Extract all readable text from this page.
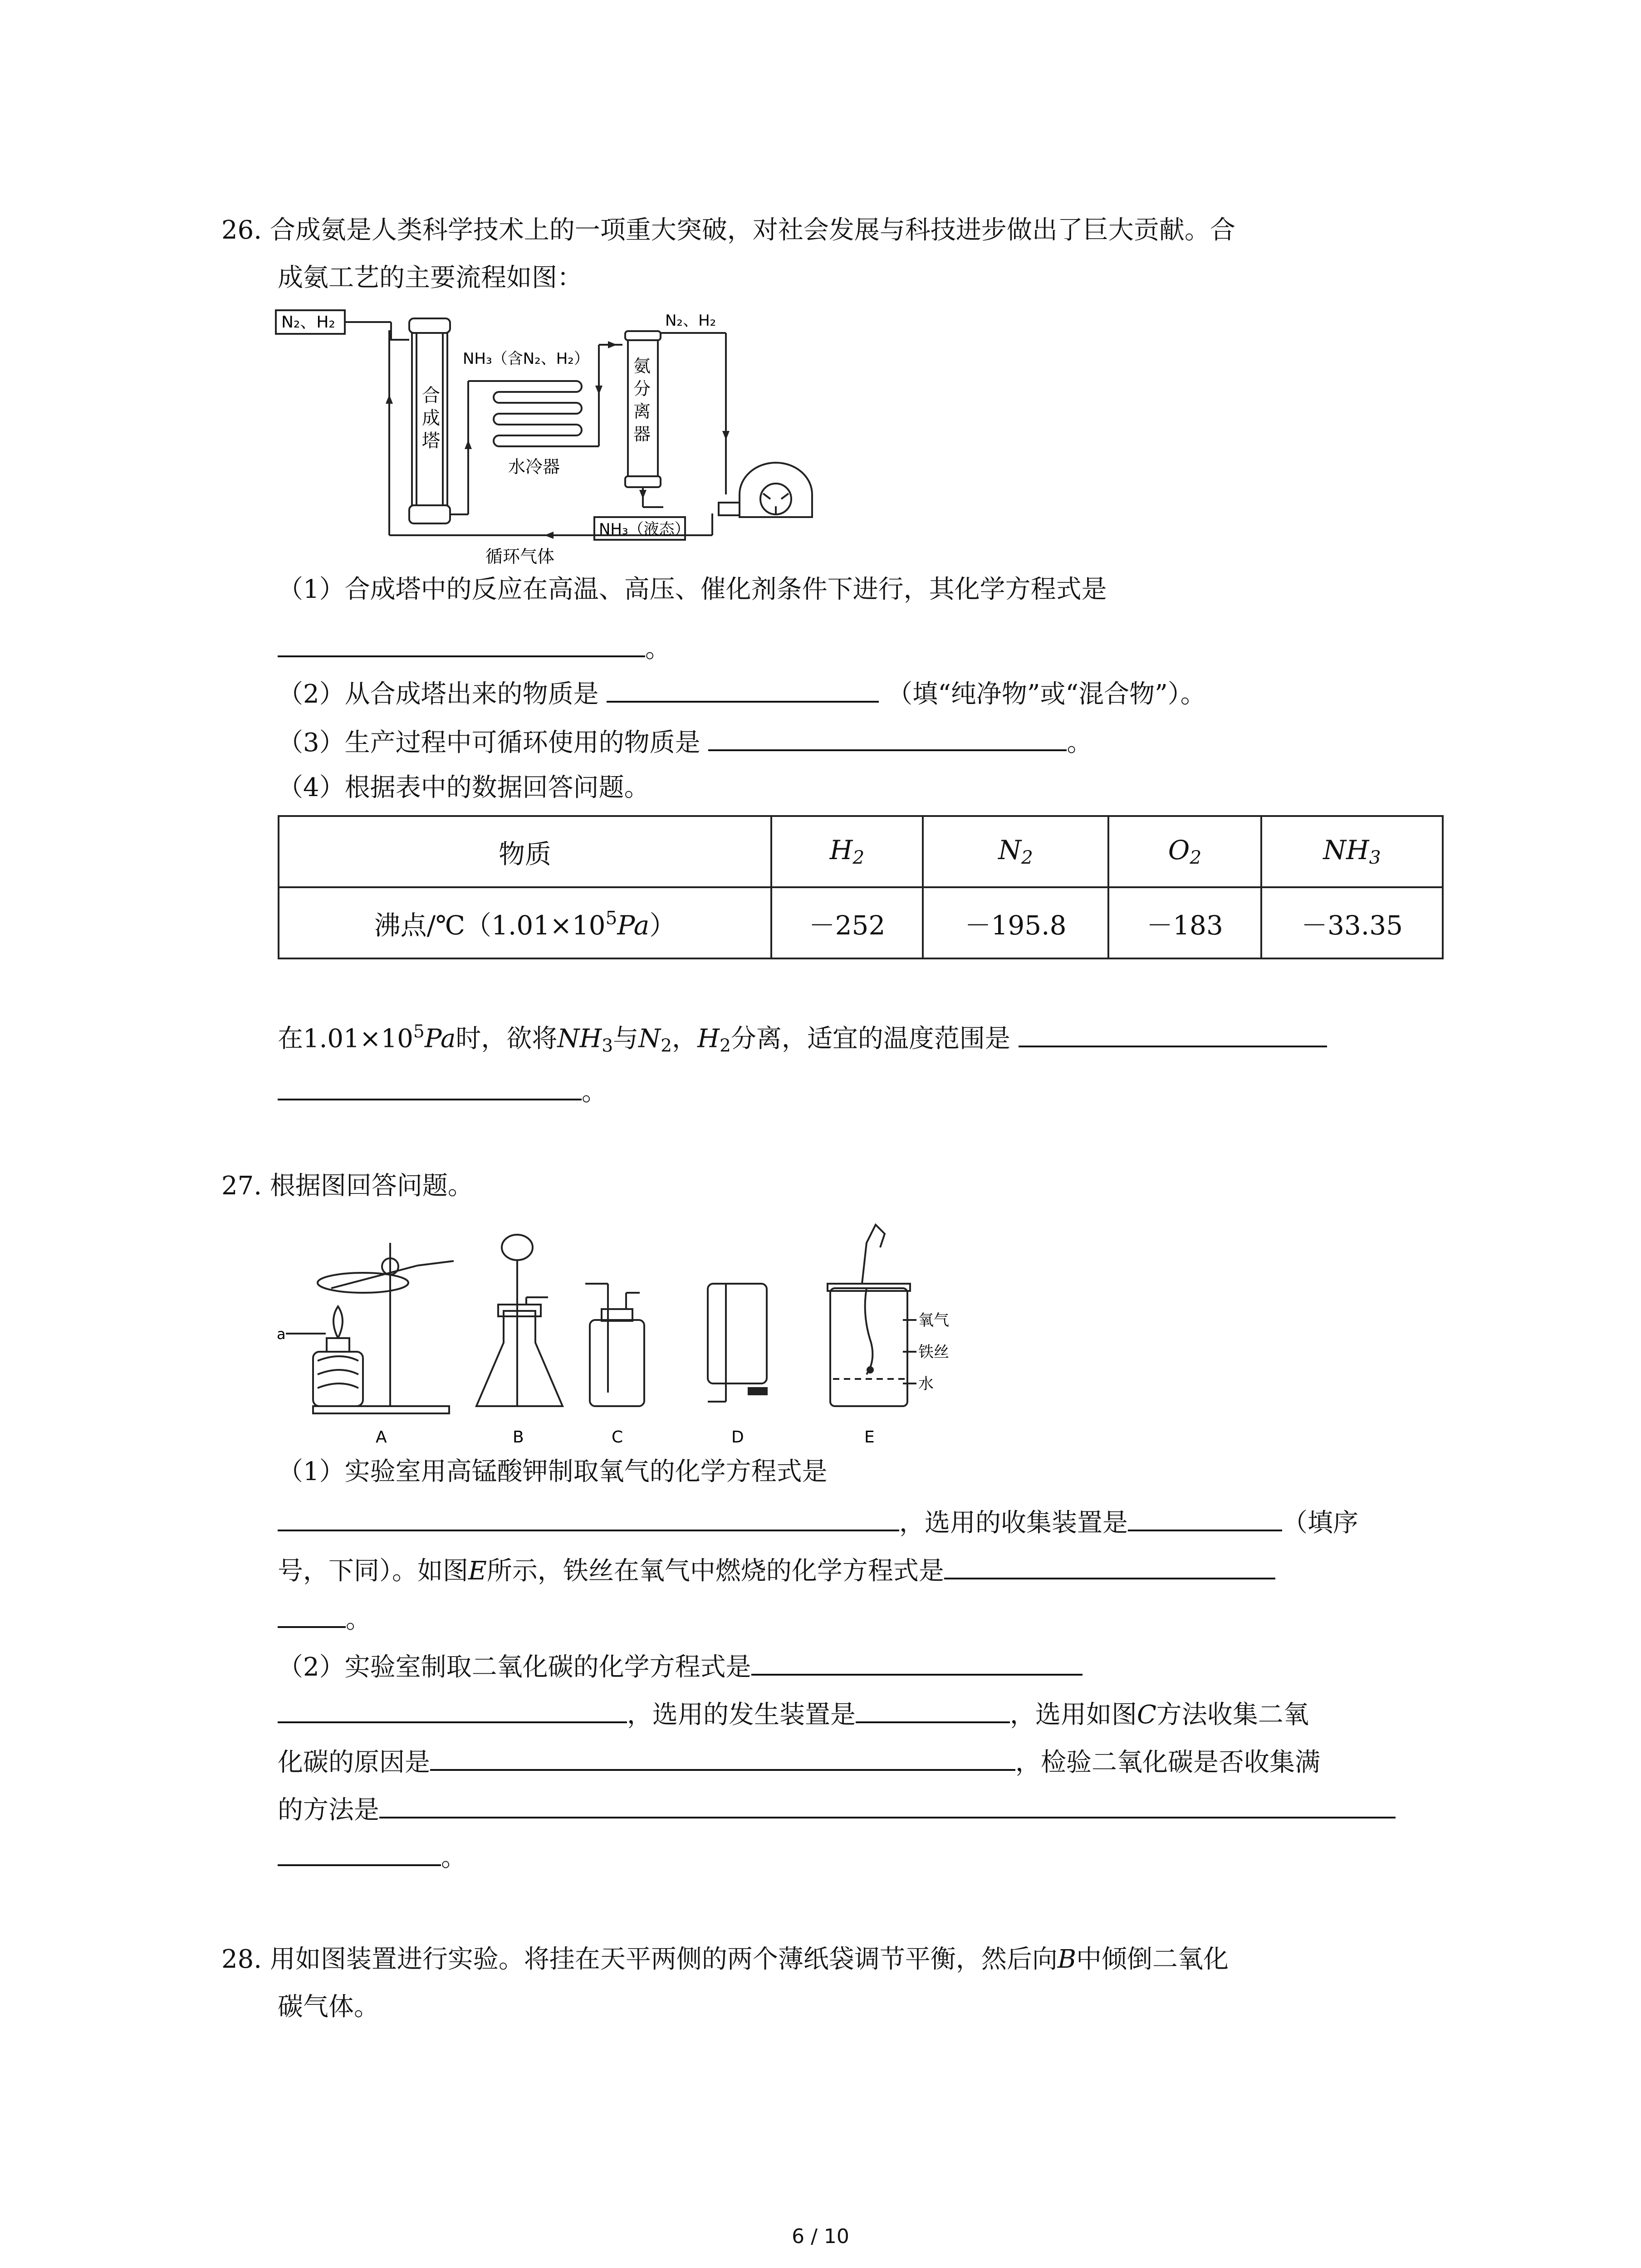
26. 合成氨是人类科学技术上的一项重大突破，对社会发展与科技进步做出了巨大贡献。合
成氨工艺的主要流程如图：
N₂、H₂
合
成
塔
NH₃（含N₂、H₂）	氨
分
离
器
N₂、H₂
水冷器
NH₃（液态）
循环气体
（1）合成塔中的反应在高温、高压、催化剂条件下进行，其化学方程式是
。
（2）从合成塔出来的物质是	（填“纯净物”或“混合物”）。
（3）生产过程中可循环使用的物质是	。
（4）根据表中的数据回答问题。
物质	$H_2$	$N_2$	$O_2$	$NH_3$
沸点$/℃(1.01\times 10^5Pa)$	－252	－195.8	－183	－33.35
在$1.01\times 10^5Pa$时，欲将$NH_3$与$N_2$，$H_2$分离，适宜的温度范围是
。
27. 根据图回答问题。
a
A	B	C	D	E
氧气
铁丝
水
（1）实验室用高锰酸钾制取氧气的化学方程式是
，选用的收集装置是	（填序
号，下同）。如图E所示，铁丝在氧气中燃烧的化学方程式是
。
（2）实验室制取二氧化碳的化学方程式是
，选用的发生装置是	，选用如图C方法收集二氧
化碳的原因是	，检验二氧化碳是否收集满
的方法是
。
28. 用如图装置进行实验。将挂在天平两侧的两个薄纸袋调节平衡，然后向B中倾倒二氧化
碳气体。
6 / 10
